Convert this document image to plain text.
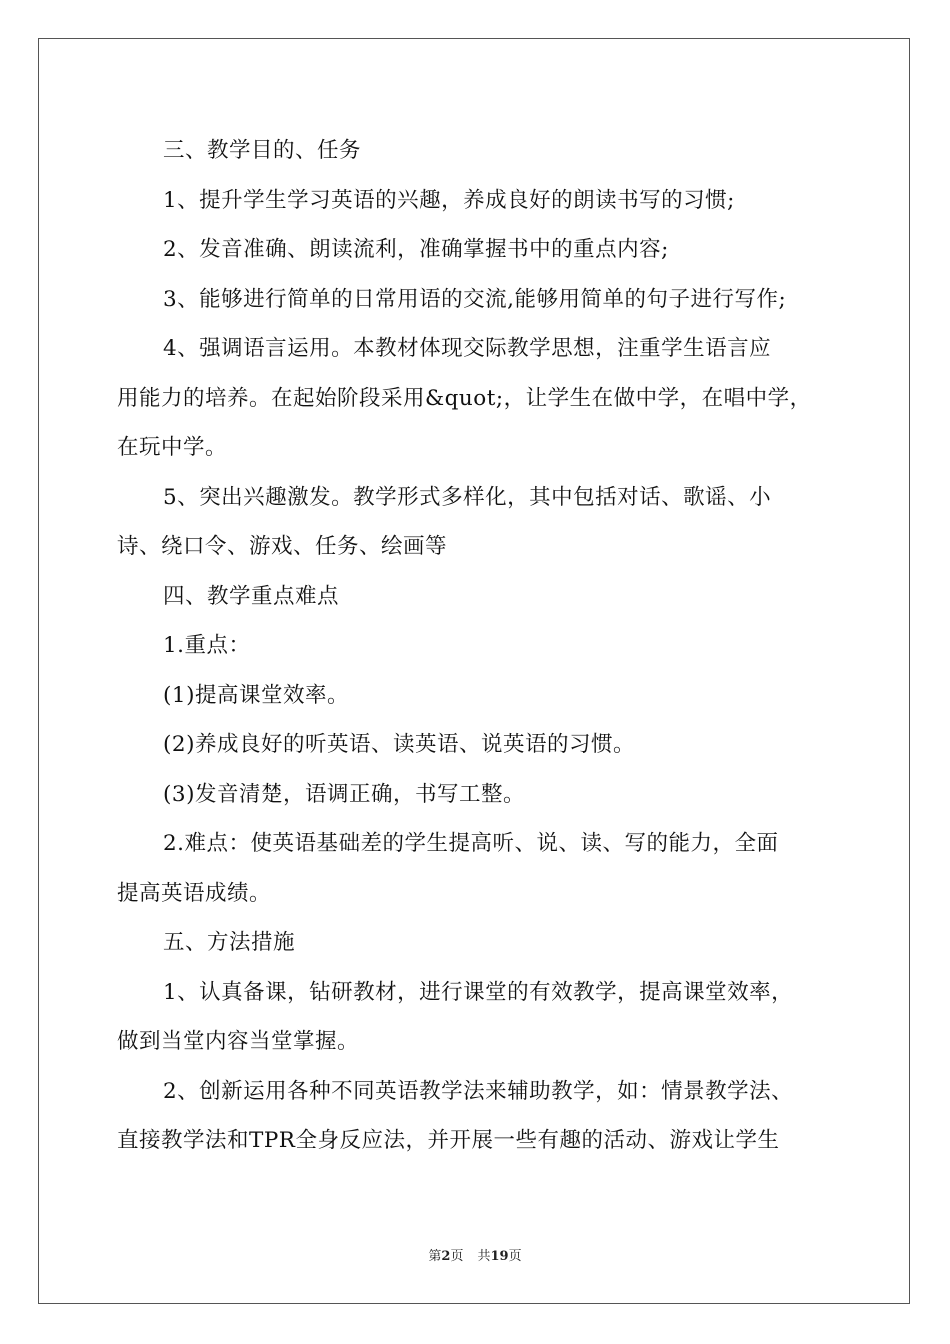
三、教学目的、任务
1、提升学生学习英语的兴趣，养成良好的朗读书写的习惯;
2、发音准确、朗读流利，准确掌握书中的重点内容;
3、能够进行简单的日常用语的交流,能够用简单的句子进行写作;
4、强调语言运用。本教材体现交际教学思想，注重学生语言应
用能力的培养。在起始阶段采用&quot;，让学生在做中学，在唱中学，
在玩中学。
5、突出兴趣激发。教学形式多样化，其中包括对话、歌谣、小
诗、绕口令、游戏、任务、绘画等
四、教学重点难点
1.重点：
(1)提高课堂效率。
(2)养成良好的听英语、读英语、说英语的习惯。
(3)发音清楚，语调正确，书写工整。
2.难点：使英语基础差的学生提高听、说、读、写的能力，全面
提高英语成绩。
五、方法措施
1、认真备课，钻研教材，进行课堂的有效教学，提高课堂效率，
做到当堂内容当堂掌握。
2、创新运用各种不同英语教学法来辅助教学，如：情景教学法、
直接教学法和TPR全身反应法，并开展一些有趣的活动、游戏让学生
第2页 共19页
